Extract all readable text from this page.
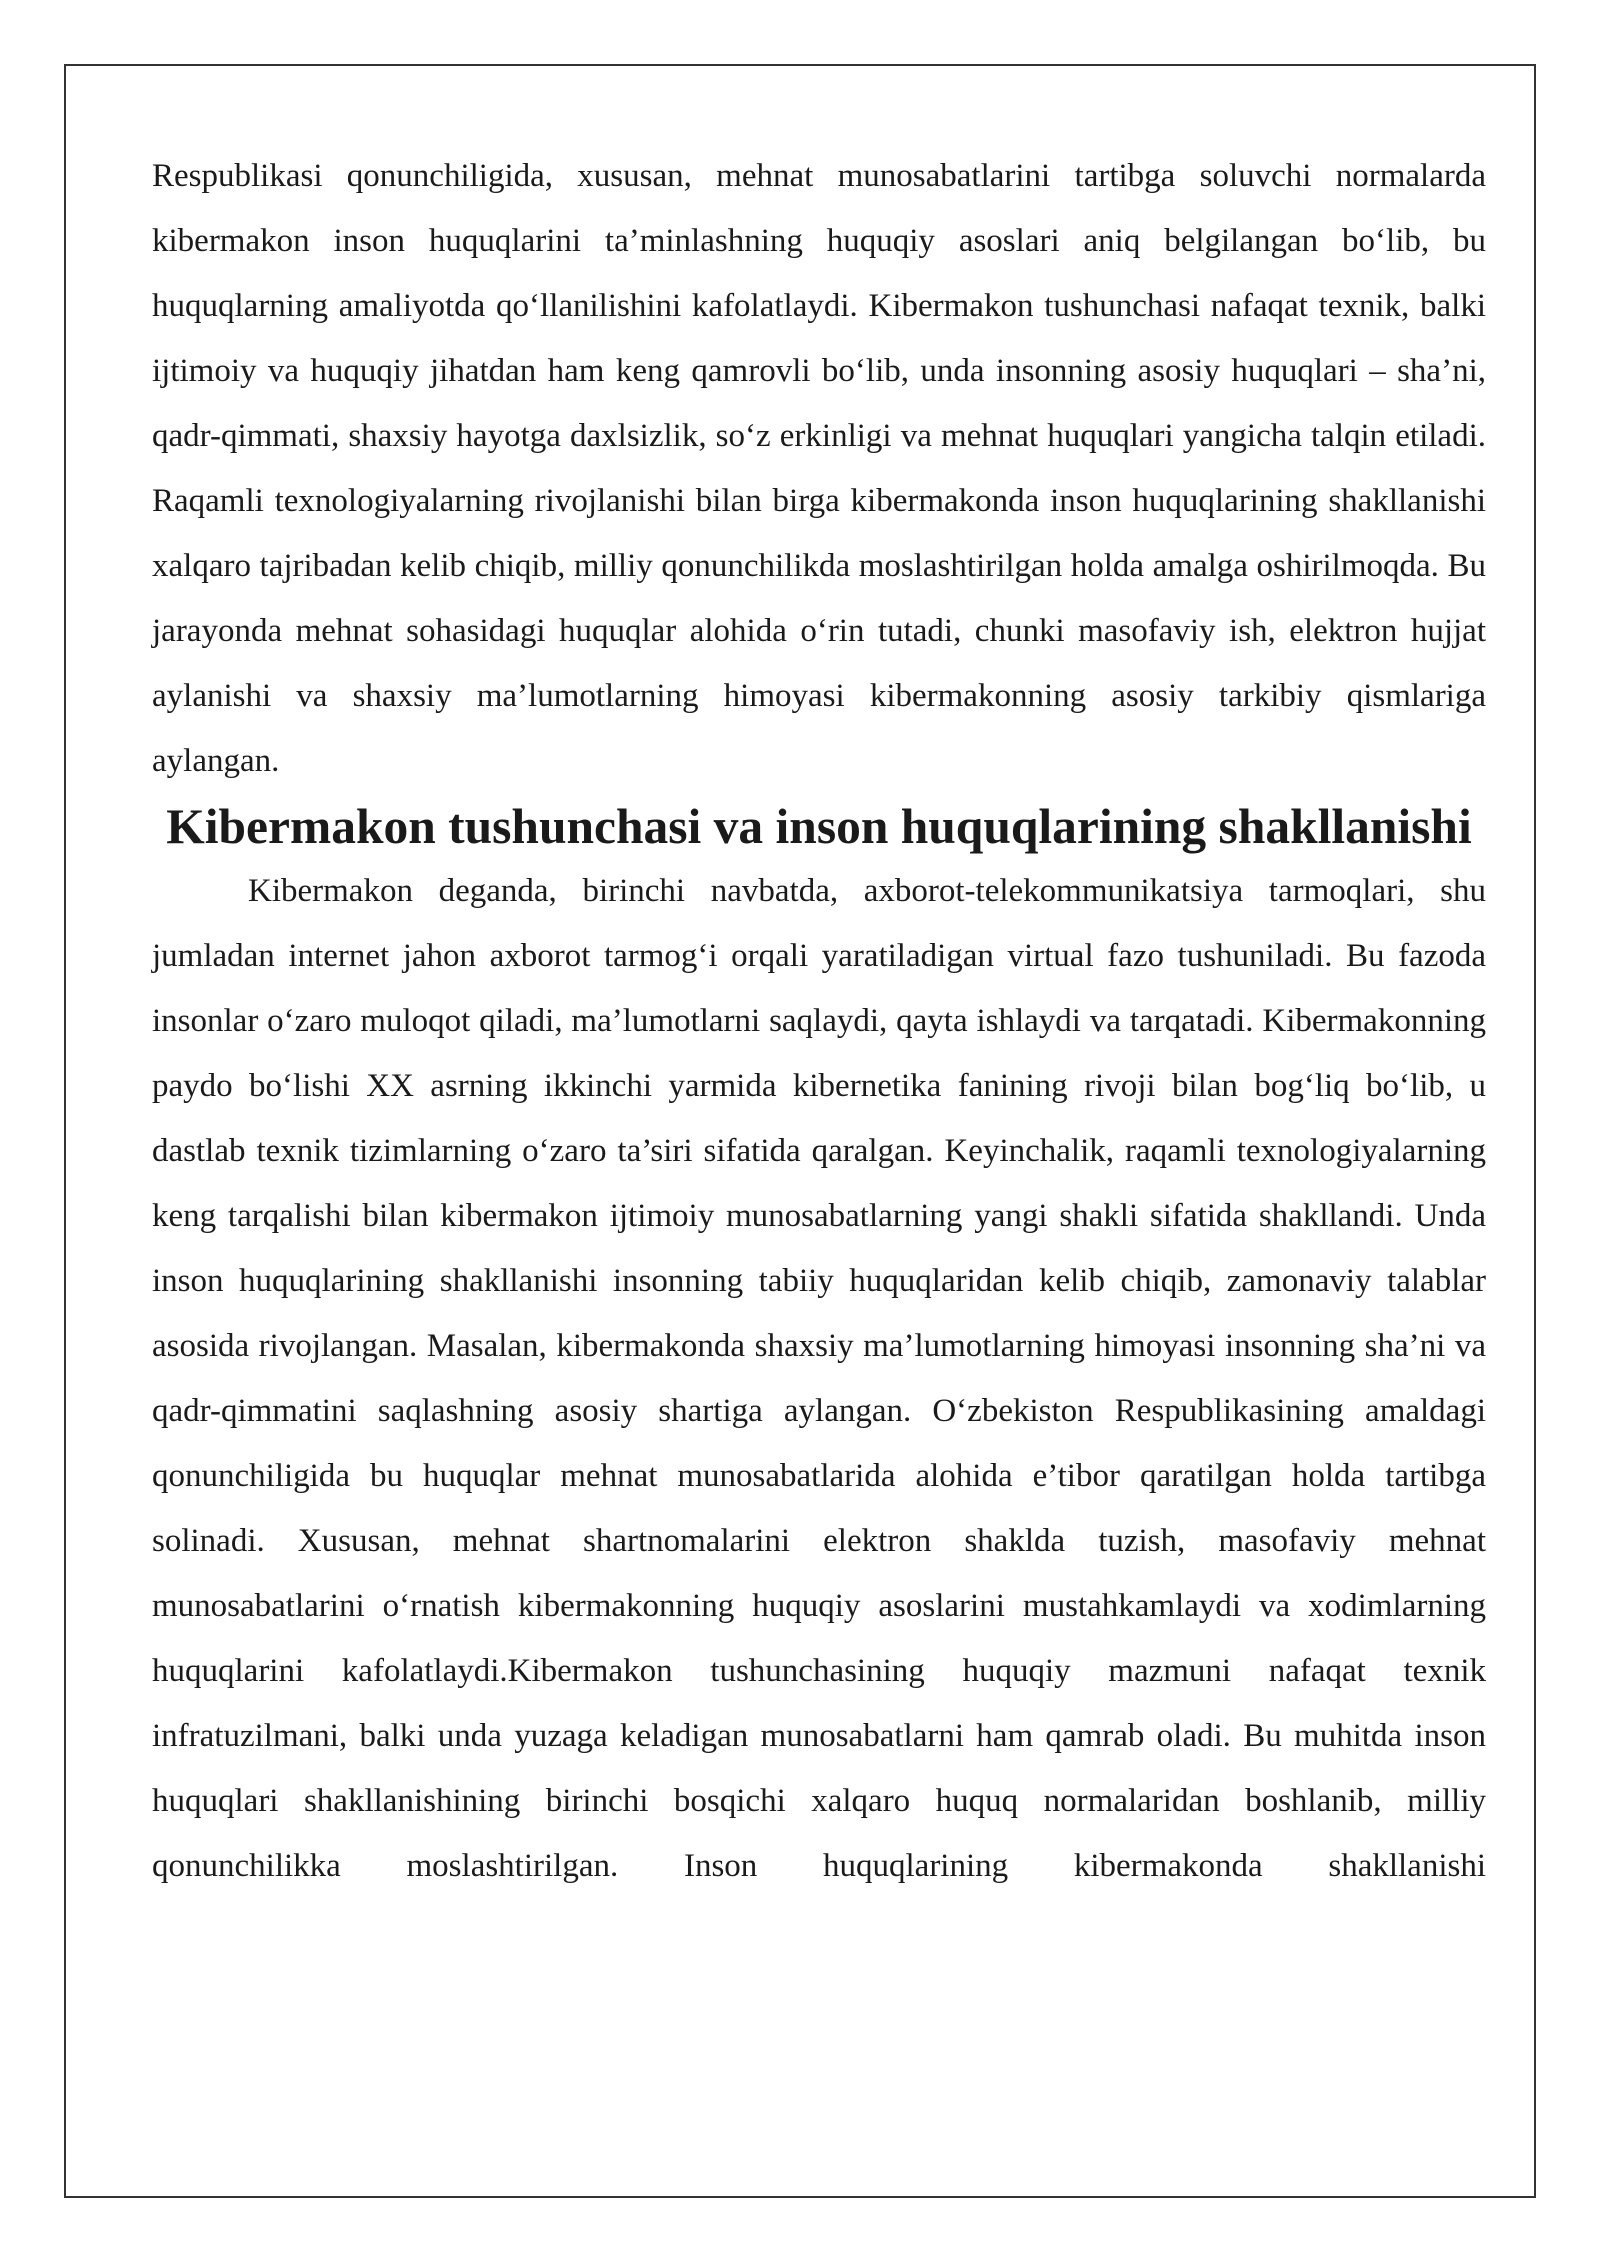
Respublikasi qonunchiligida, xususan, mehnat munosabatlarini tartibga soluvchi normalarda kibermakon inson huquqlarini ta’minlashning huquqiy asoslari aniq belgilangan bo‘lib, bu huquqlarning amaliyotda qo‘llanilishini kafolatlaydi. Kibermakon tushunchasi nafaqat texnik, balki ijtimoiy va huquqiy jihatdan ham keng qamrovli bo‘lib, unda insonning asosiy huquqlari – sha’ni, qadr-qimmati, shaxsiy hayotga daxlsizlik, so‘z erkinligi va mehnat huquqlari yangicha talqin etiladi. Raqamli texnologiyalarning rivojlanishi bilan birga kibermakonda inson huquqlarining shakllanishi xalqaro tajribadan kelib chiqib, milliy qonunchilikda moslashtirilgan holda amalga oshirilmoqda. Bu jarayonda mehnat sohasidagi huquqlar alohida o‘rin tutadi, chunki masofaviy ish, elektron hujjat aylanishi va shaxsiy ma’lumotlarning himoyasi kibermakonning asosiy tarkibiy qismlariga aylangan.

Kibermakon tushunchasi va inson huquqlarining shakllanishi

Kibermakon deganda, birinchi navbatda, axborot-telekommunikatsiya tarmoqlari, shu jumladan internet jahon axborot tarmog‘i orqali yaratiladigan virtual fazo tushuniladi. Bu fazoda insonlar o‘zaro muloqot qiladi, ma’lumotlarni saqlaydi, qayta ishlaydi va tarqatadi. Kibermakonning paydo bo‘lishi XX asrning ikkinchi yarmida kibernetika fanining rivoji bilan bog‘liq bo‘lib, u dastlab texnik tizimlarning o‘zaro ta’siri sifatida qaralgan. Keyinchalik, raqamli texnologiyalarning keng tarqalishi bilan kibermakon ijtimoiy munosabatlarning yangi shakli sifatida shakllandi. Unda inson huquqlarining shakllanishi insonning tabiiy huquqlaridan kelib chiqib, zamonaviy talablar asosida rivojlangan. Masalan, kibermakonda shaxsiy ma’lumotlarning himoyasi insonning sha’ni va qadr-qimmatini saqlashning asosiy shartiga aylangan. O‘zbekiston Respublikasining amaldagi qonunchiligida bu huquqlar mehnat munosabatlarida alohida e’tibor qaratilgan holda tartibga solinadi. Xususan, mehnat shartnomalarini elektron shaklda tuzish, masofaviy mehnat munosabatlarini o‘rnatish kibermakonning huquqiy asoslarini mustahkamlaydi va xodimlarning huquqlarini kafolatlaydi.Kibermakon tushunchasining huquqiy mazmuni nafaqat texnik infratuzilmani, balki unda yuzaga keladigan munosabatlarni ham qamrab oladi. Bu muhitda inson huquqlari shakllanishining birinchi bosqichi xalqaro huquq normalaridan boshlanib, milliy qonunchilikka moslashtirilgan. Inson huquqlarining kibermakonda shakllanishi
